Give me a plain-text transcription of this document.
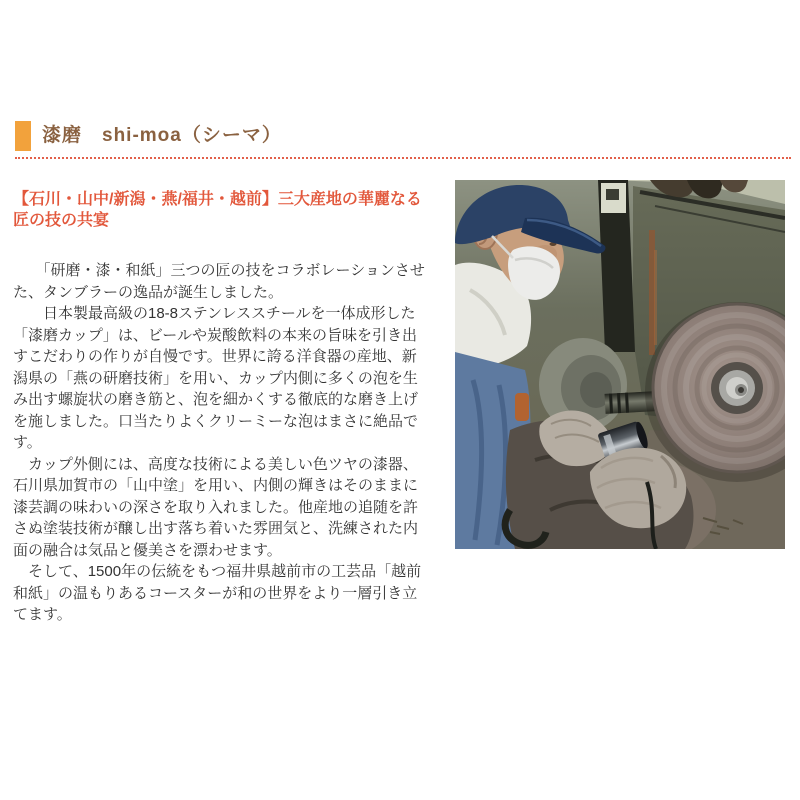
漆磨　shi-moa（シーマ）
【石川・山中/新潟・燕/福井・越前】三大産地の華麗なる匠の技の共宴

　　「研磨・漆・和紙」三つの匠の技をコラボレーションさせた、タンブラーの逸品が誕生しました。

　　日本製最高級の18-8ステンレススチールを一体成形した「漆磨カップ」は、ビールや炭酸飲料の本来の旨味を引き出すこだわりの作りが自慢です。世界に誇る洋食器の産地、新潟県の「燕の研磨技術」を用い、カップ内側に多くの泡を生み出す螺旋状の磨き筋と、泡を細かくする徹底的な磨き上げを施しました。口当たりよくクリーミーな泡はまさに絶品です。

　カップ外側には、高度な技術による美しい色ツヤの漆器、石川県加賀市の「山中塗」を用い、内側の輝きはそのままに漆芸調の味わいの深さを取り入れました。他産地の追随を許さぬ塗装技術が醸し出す落ち着いた雰囲気と、洗練された内面の融合は気品と優美さを漂わせます。

　そして、1500年の伝統をもつ福井県越前市の工芸品「越前和紙」の温もりあるコースターが和の世界をより一層引き立てます。
